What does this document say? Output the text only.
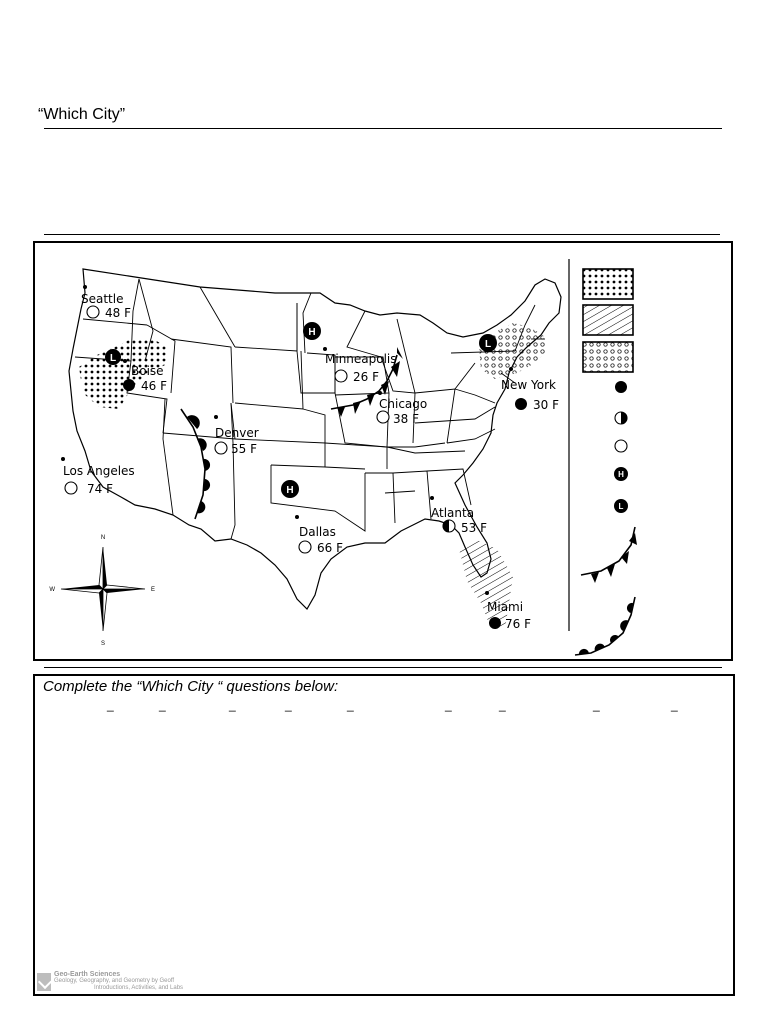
“Which City”
H
H
L
L
Seattle
48 F
Boise
46 F
Los Angeles
74 F
Denver
55 F
Dallas
66 F
Minneapolis
26 F
Chicago
38 F
New York
30 F
Atlanta
53 F
Miami
76 F
N
S
E
W
H
L
Complete the “Which City “ questions below:
_	_	_	_	_	_	_	_	_
Geo-Earth Sciences
Geology, Geography, and Geometry by Geoff
Introductions, Activities, and Labs
